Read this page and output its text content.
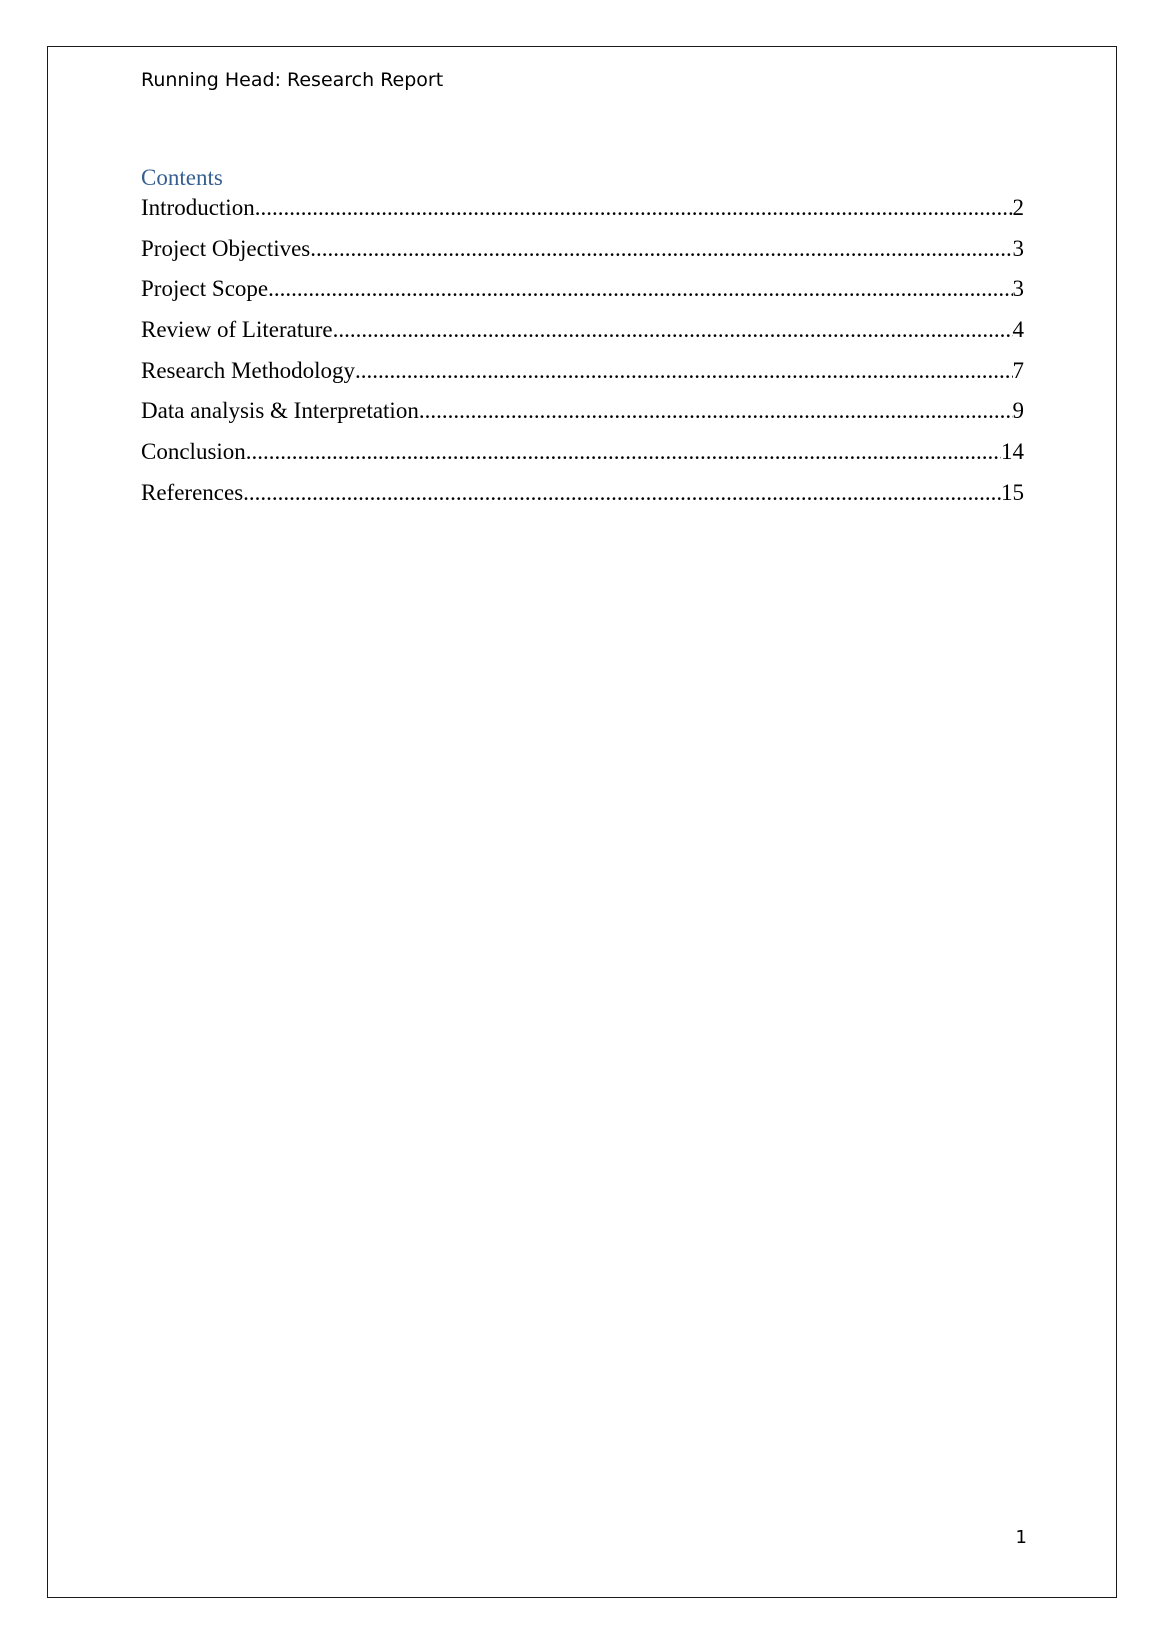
Running Head: Research Report
Contents
Introduction .....	2
Project Objectives .....	3
Project Scope .....	3
Review of Literature .....	4
Research Methodology .....	7
Data analysis & Interpretation .....	9
Conclusion .....	14
References .....	15
1
